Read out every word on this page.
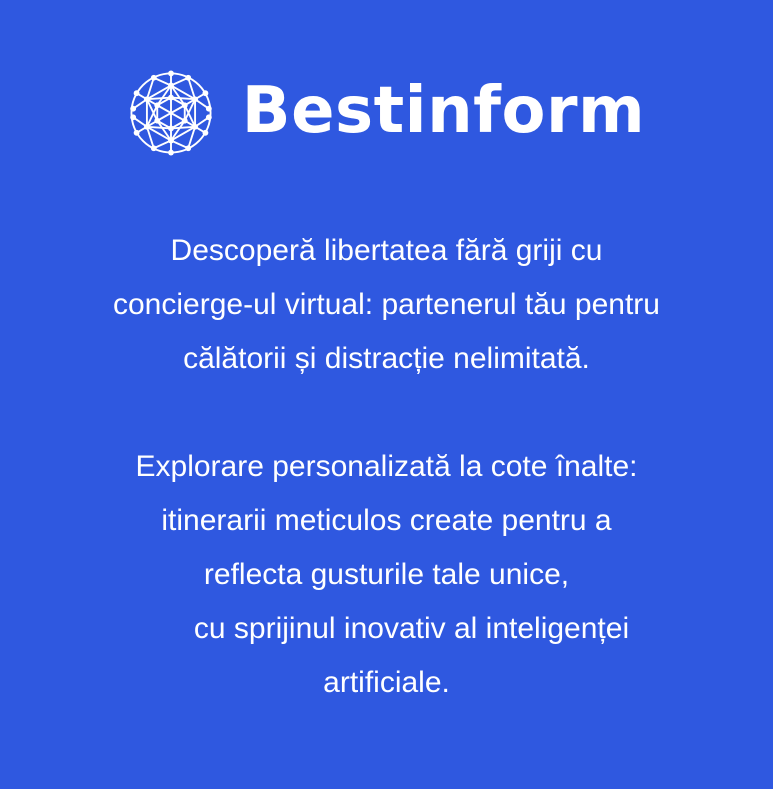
Bestinform

Descoperă libertatea fără griji cu

concierge-ul virtual: partenerul tău pentru

călătorii și distracție nelimitată.

Explorare personalizată la cote înalte:

itinerarii meticulos create pentru a

reflecta gusturile tale unice,

cu sprijinul inovativ al inteligenței

artificiale.
